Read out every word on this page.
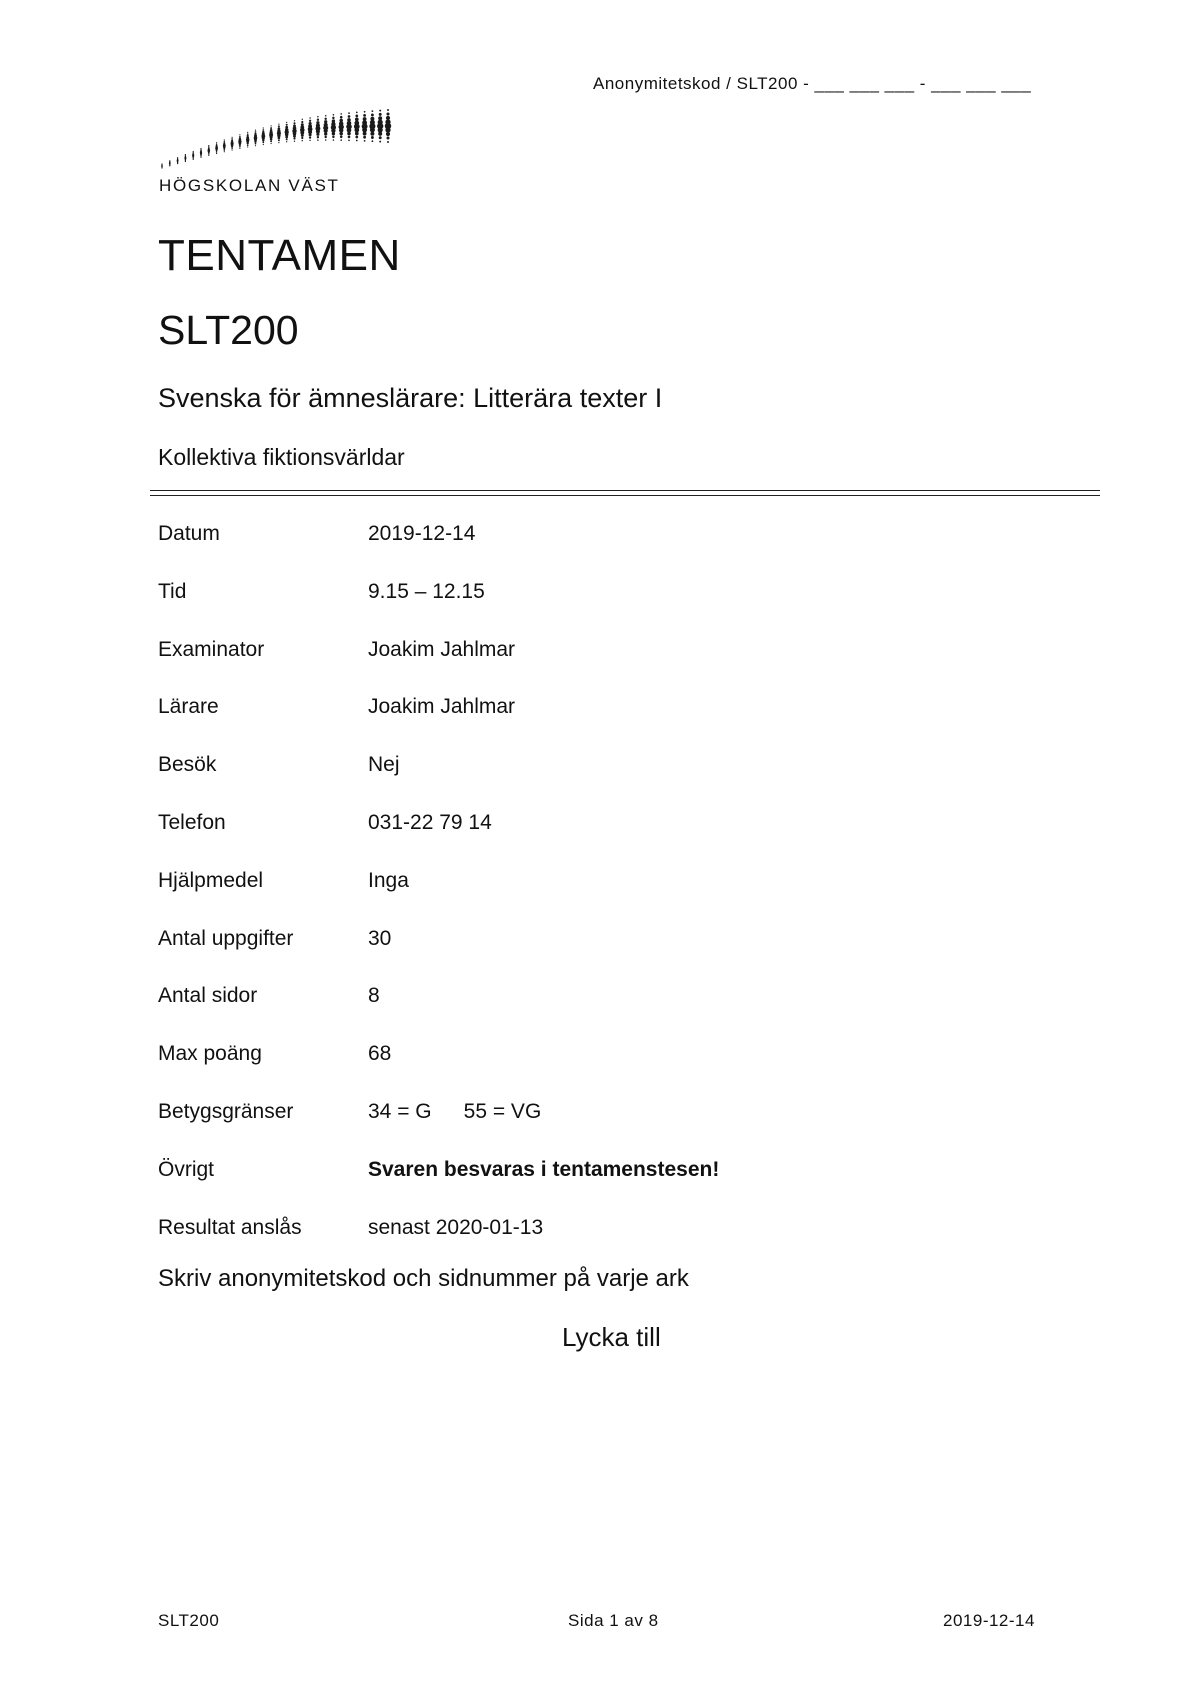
Anonymitetskod / SLT200 - ___ ___ ___ - ___ ___ ___
HÖGSKOLAN VÄST
TENTAMEN
SLT200
Svenska för ämneslärare: Litterära texter I
Kollektiva fiktionsvärldar
Datum	2019-12-14
Tid	9.15 – 12.15
Examinator	Joakim Jahlmar
Lärare	Joakim Jahlmar
Besök	Nej
Telefon	031-22 79 14
Hjälpmedel	Inga
Antal uppgifter	30
Antal sidor	8
Max poäng	68
Betygsgränser	34 = G 55 = VG
Övrigt	Svaren besvaras i tentamenstesen!
Resultat anslås	senast 2020-01-13
Skriv anonymitetskod och sidnummer på varje ark
Lycka till
SLT200	Sida 1 av 8	2019-12-14
